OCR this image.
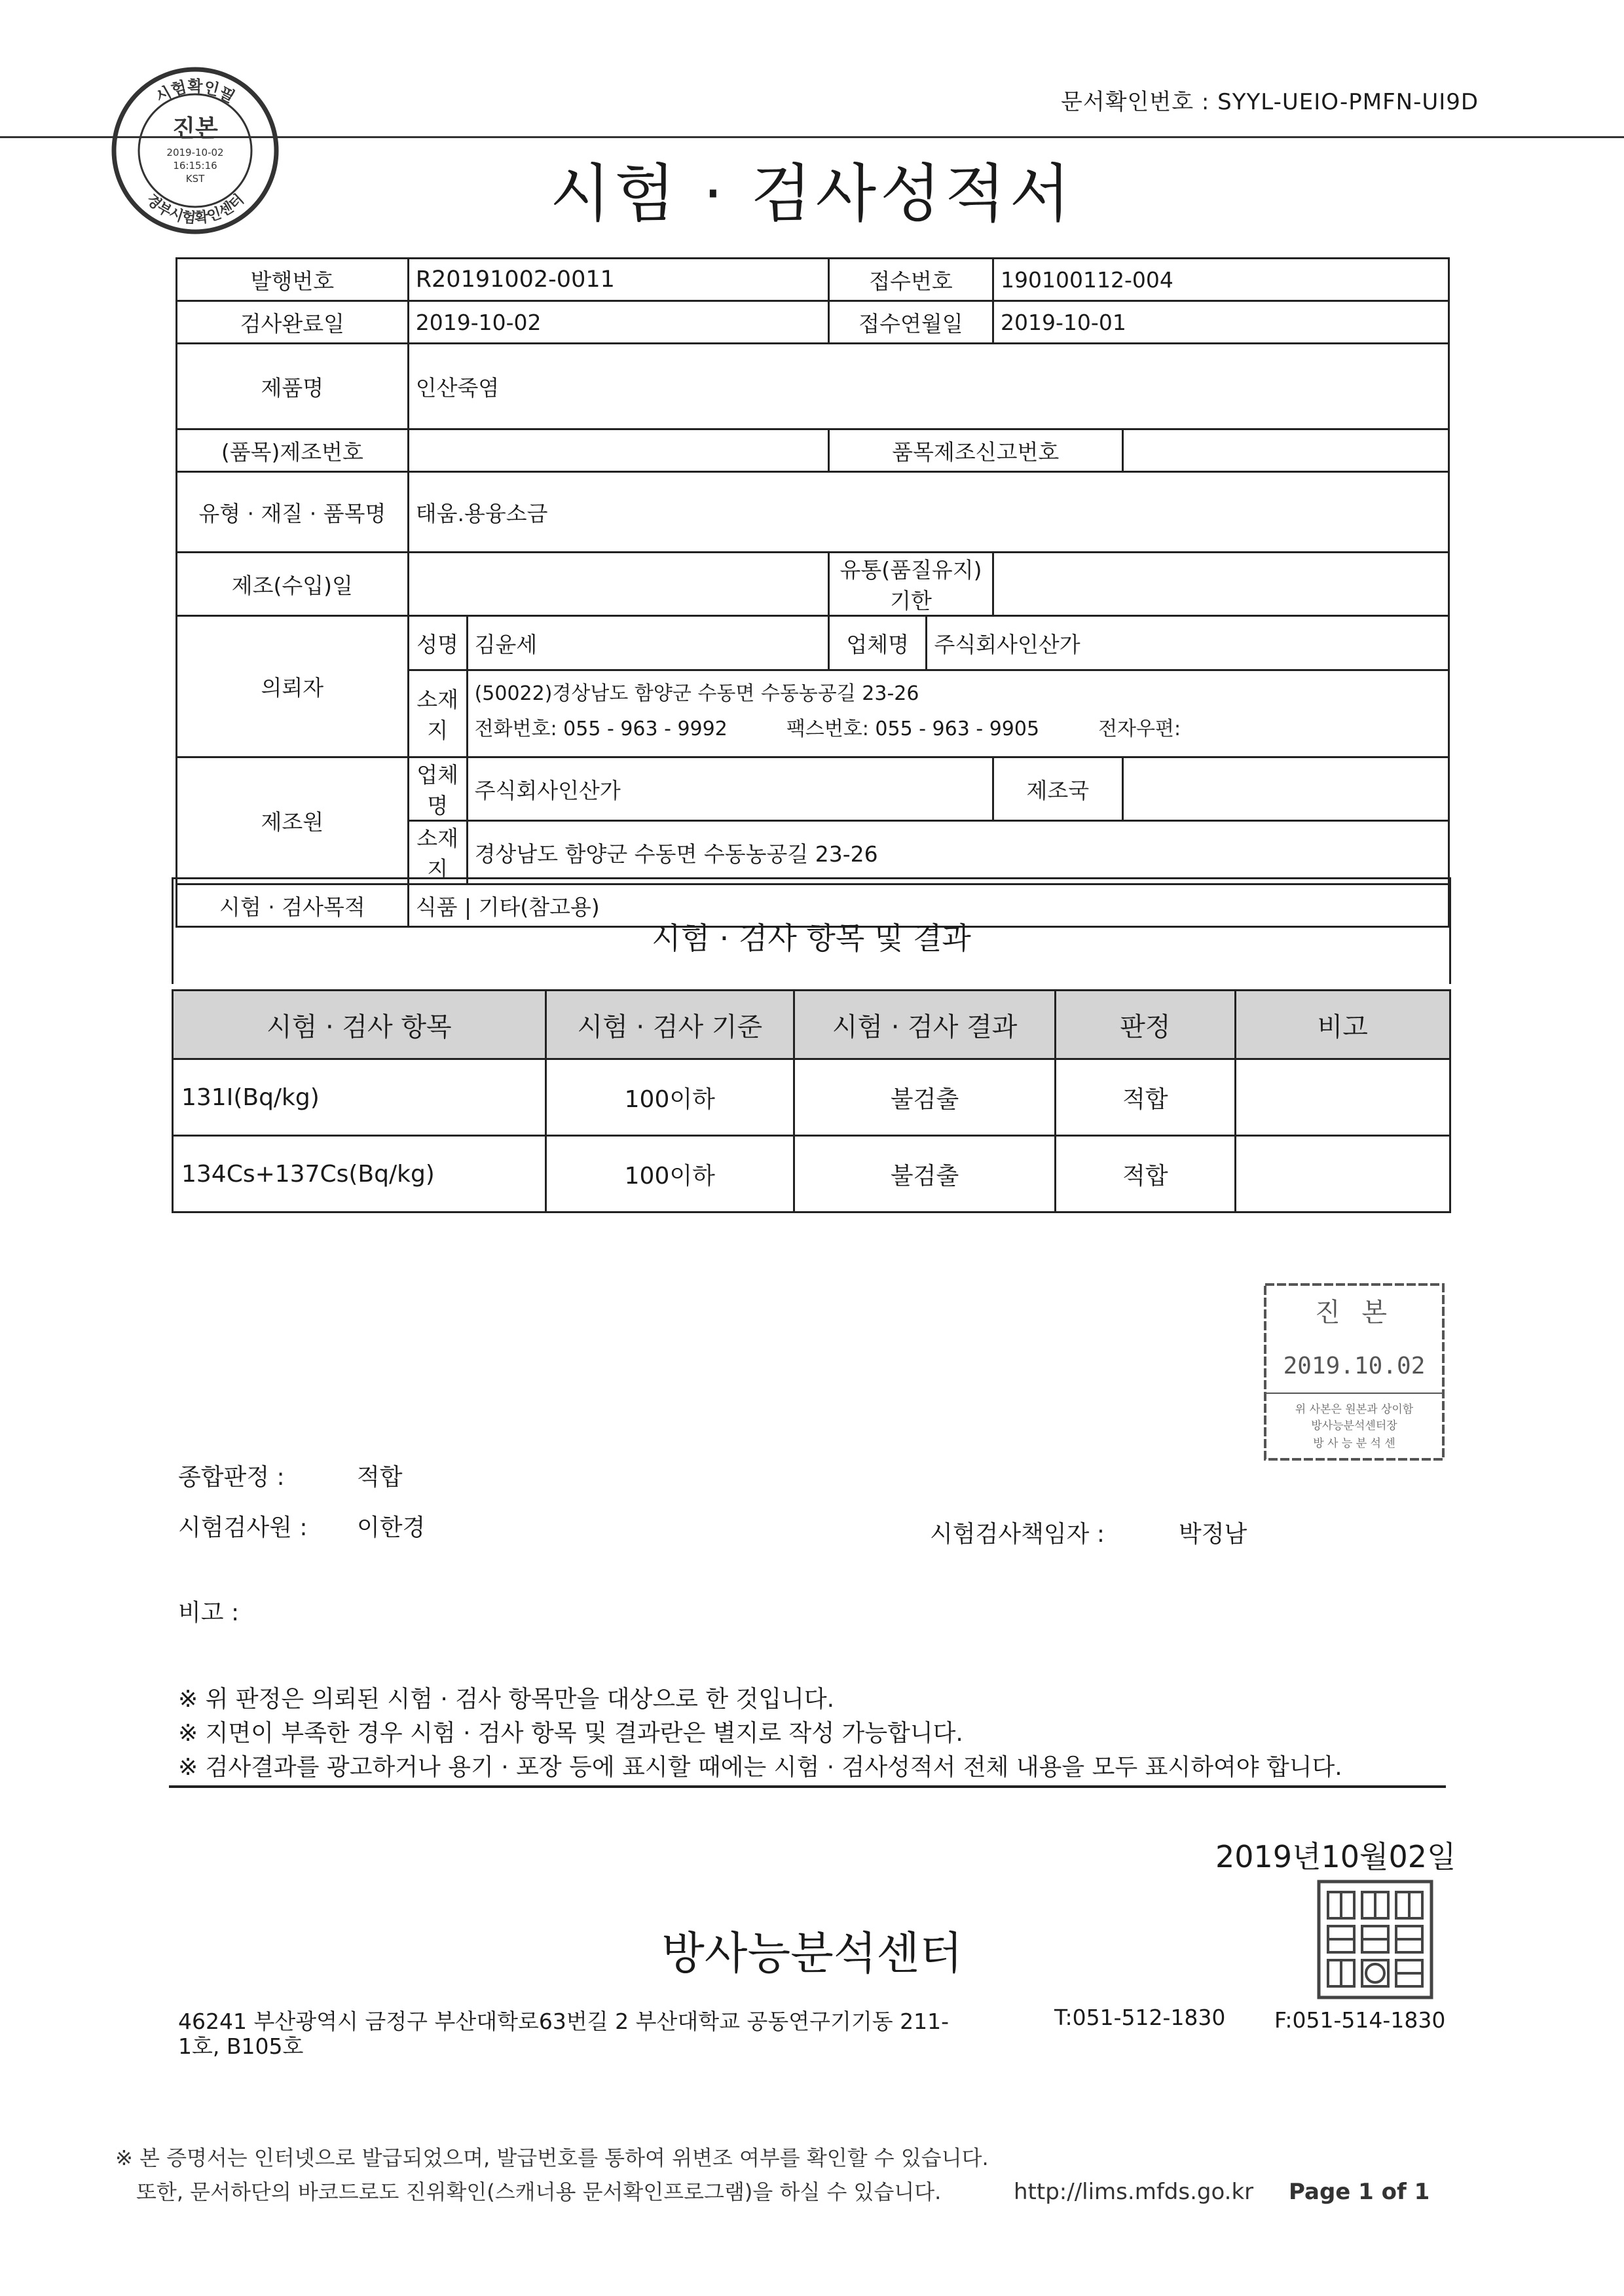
문서확인번호 : SYYL-UEIO-PMFN-UI9D
시험확인필
경부시험확인센터
진본
2019-10-02
16:15:16
KST	시험 · 검사성적서
발행번호	R20191002-0011		접수번호		190100112-004	
검사완료일	2019-10-02		접수연월일		2019-10-01	
제품명	인산죽염					
(품목)제조번호			품목제조신고번호			
유형 · 재질 · 품목명	태움.용융소금					
제조(수입)일			유통(품질유지)기한			
의뢰자	성명	김윤세	업체명	주식회사인산가		
	소재지	(50022)경상남도 함양군 수동면 수동농공길 23-26
전화번호: 055 - 963 - 9992 팩스번호: 055 - 963 - 9905 전자우편:				

제조원	업체명	주식회사인산가			제조국	
	소재지	경상남도 함양군 수동면 수동농공길 23-26				
시험 · 검사목적	식품 | 기타(참고용)					
시험 · 검사 항목 및 결과
시험 · 검사 항목	시험 · 검사 기준	시험 · 검사 결과	판정	비고
131I(Bq/kg)	100이하	불검출	적합	
134Cs+137Cs(Bq/kg)	100이하	불검출	적합	
진 본
2019.10.02
위 사본은 원본과 상이함
방사능분석센터장
방 사 능 분 석 센
종합판정 :	적합
시험검사원 : 이한경	시험검사책임자 :	박정남
비고 :
※ 위 판정은 의뢰된 시험 · 검사 항목만을 대상으로 한 것입니다.
※ 지면이 부족한 경우 시험 · 검사 항목 및 결과란은 별지로 작성 가능합니다.
※ 검사결과를 광고하거나 용기 · 포장 등에 표시할 때에는 시험 · 검사성적서 전체 내용을 모두 표시하여야 합니다.
2019년10월02일
방사능분석센터
46241 부산광역시 금정구 부산대학로63번길 2 부산대학교 공동연구기기동 211-
1호, B105호
T:051-512-1830 F:051-514-1830
※ 본 증명서는 인터넷으로 발급되었으며, 발급번호를 통하여 위변조 여부를 확인할 수 있습니다.
또한, 문서하단의 바코드로도 진위확인(스캐너용 문서확인프로그램)을 하실 수 있습니다.	http://lims.mfds.go.kr	Page 1 of 1
